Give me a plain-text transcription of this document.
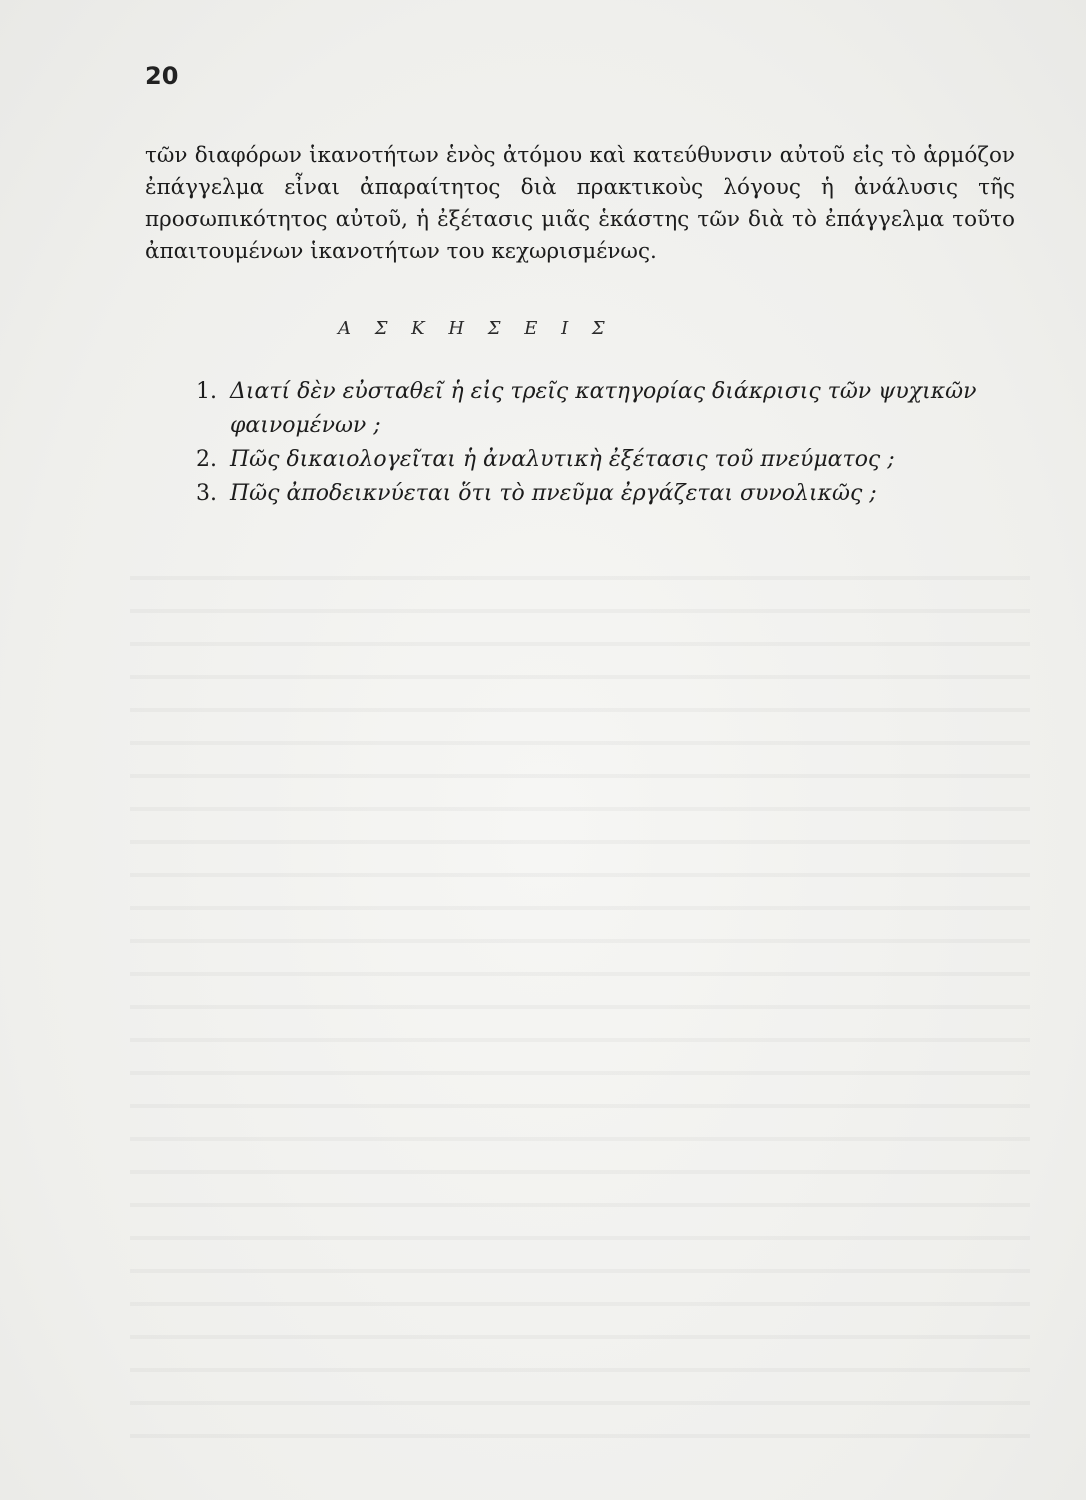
20

τῶν διαφόρων ἱκανοτήτων ἑνὸς ἀτόμου καὶ κατεύθυνσιν αὐτοῦ εἰς τὸ ἁρμόζον ἐπάγγελμα εἶναι ἀπαραίτητος διὰ πρακτικοὺς λόγους ἡ ἀνάλυσις τῆς προσωπικότητος αὐτοῦ, ἡ ἐξέτασις μιᾶς ἑκάστης τῶν διὰ τὸ ἐπάγγελμα τοῦτο ἀπαιτουμένων ἱκανοτήτων του κεχωρισμένως.

Α Σ Κ Η Σ Ε Ι Σ
1. Διατί δὲν εὐσταθεῖ ἡ εἰς τρεῖς κατηγορίας διάκρισις τῶν ψυχικῶν φαινομένων ;
2. Πῶς δικαιολογεῖται ἡ ἀναλυτικὴ ἐξέτασις τοῦ πνεύματος ;
3. Πῶς ἀποδεικνύεται ὅτι τὸ πνεῦμα ἐργάζεται συνολικῶς ;
